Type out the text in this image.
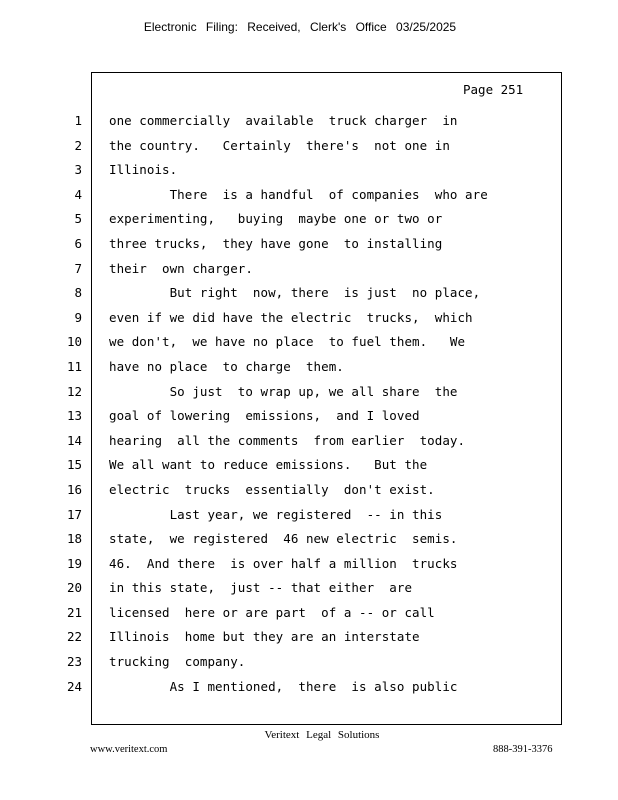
Electronic Filing: Received, Clerk's Office 03/25/2025
Page 251
1
2
3
4
5
6
7
8
9
10
11
12
13
14
15
16
17
18
19
20
21
22
23
24
one commercially  available  truck charger  in
the country.   Certainly  there's  not one in
Illinois.
There  is a handful  of companies  who are
experimenting,   buying  maybe one or two or
three trucks,  they have gone  to installing
their  own charger.
But right  now, there  is just  no place,
even if we did have the electric  trucks,  which
we don't,  we have no place  to fuel them.   We
have no place  to charge  them.
So just  to wrap up, we all share  the
goal of lowering  emissions,  and I loved
hearing  all the comments  from earlier  today.
We all want to reduce emissions.   But the
electric  trucks  essentially  don't exist.
Last year, we registered  -- in this
state,  we registered  46 new electric  semis.
46.  And there  is over half a million  trucks
in this state,  just -- that either  are
licensed  here or are part  of a -- or call
Illinois  home but they are an interstate
trucking  company.
As I mentioned,  there  is also public
Veritext Legal Solutions
www.veritext.com	888-391-3376
